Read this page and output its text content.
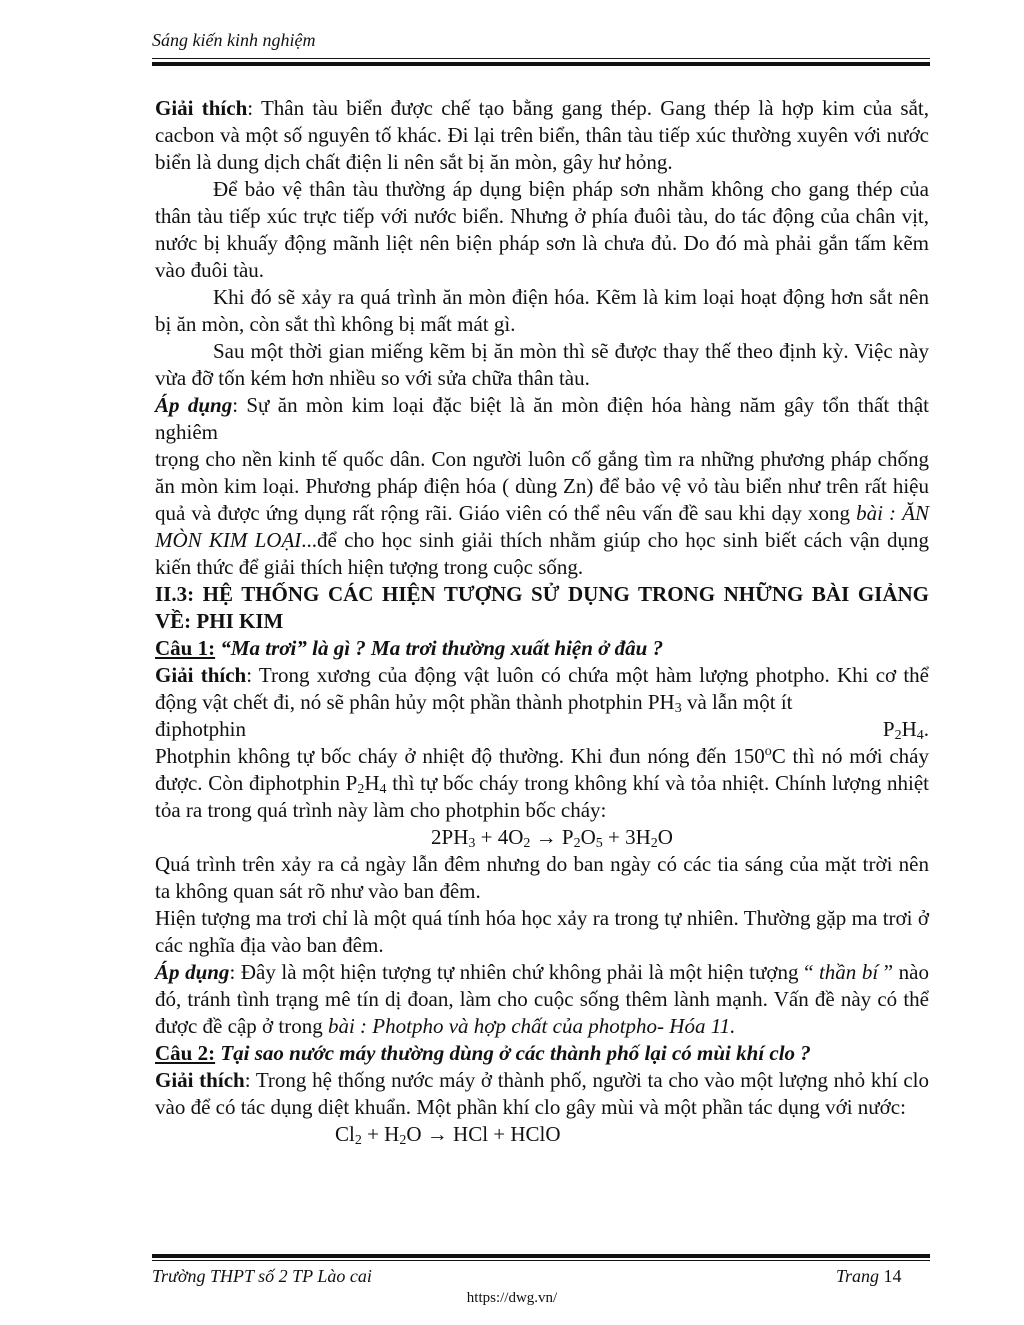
Sáng kiến kinh nghiệm

Giải thích: Thân tàu biển được chế tạo bằng gang thép. Gang thép là hợp kim của sắt, cacbon và một số nguyên tố khác. Đi lại trên biển, thân tàu tiếp xúc thường xuyên với nước biển là dung dịch chất điện li nên sắt bị ăn mòn, gây hư hỏng.

Để bảo vệ thân tàu thường áp dụng biện pháp sơn nhằm không cho gang thép của thân tàu tiếp xúc trực tiếp với nước biển. Nhưng ở phía đuôi tàu, do tác động của chân vịt, nước bị khuấy động mãnh liệt nên biện pháp sơn là chưa đủ. Do đó mà phải gắn tấm kẽm vào đuôi tàu.

Khi đó sẽ xảy ra quá trình ăn mòn điện hóa. Kẽm là kim loại hoạt động hơn sắt nên bị ăn mòn, còn sắt thì không bị mất mát gì.

Sau một thời gian miếng kẽm bị ăn mòn thì sẽ được thay thế theo định kỳ. Việc này vừa đỡ tốn kém hơn nhiều so với sửa chữa thân tàu.

Áp dụng: Sự ăn mòn kim loại đặc biệt là ăn mòn điện hóa hàng năm gây tổn thất thật nghiêm

trọng cho nền kinh tế quốc dân. Con người luôn cố gắng tìm ra những phương pháp chống ăn mòn kim loại. Phương pháp điện hóa ( dùng Zn) để bảo vệ vỏ tàu biển như trên rất hiệu quả và được ứng dụng rất rộng rãi. Giáo viên có thể nêu vấn đề sau khi dạy xong bài : ĂN MÒN KIM LOẠI...để cho học sinh giải thích nhằm giúp cho học sinh biết cách vận dụng kiến thức để giải thích hiện tượng trong cuộc sống.

II.3: HỆ THỐNG CÁC HIỆN TƯỢNG SỬ DỤNG TRONG NHỮNG BÀI GIẢNG VỀ: PHI KIM

Câu 1: “Ma trơi” là gì ? Ma trơi thường xuất hiện ở đâu ?

Giải thích: Trong xương của động vật luôn có chứa một hàm lượng photpho. Khi cơ thể động vật chết đi, nó sẽ phân hủy một phần thành photphin $PH_3$ và lẫn một ít

điphotphin	$P_2H_4$.

Photphin không tự bốc cháy ở nhiệt độ thường. Khi đun nóng đến 150$^o$C thì nó mới cháy được. Còn điphotphin $P_2H_4$ thì tự bốc cháy trong không khí và tỏa nhiệt. Chính lượng nhiệt tỏa ra trong quá trình này làm cho photphin bốc cháy:

$2PH_3 + 4O_2 \to P_2O_5 + 3H_2O$

Quá trình trên xảy ra cả ngày lẫn đêm nhưng do ban ngày có các tia sáng của mặt trời nên ta không quan sát rõ như vào ban đêm.

Hiện tượng ma trơi chỉ là một quá tính hóa học xảy ra trong tự nhiên. Thường gặp ma trơi ở các nghĩa địa vào ban đêm.

Áp dụng: Đây là một hiện tượng tự nhiên chứ không phải là một hiện tượng “ thần bí ” nào đó, tránh tình trạng mê tín dị đoan, làm cho cuộc sống thêm lành mạnh. Vấn đề này có thể được đề cập ở trong bài : Photpho và hợp chất của photpho- Hóa 11.

Câu 2: Tại sao nước máy thường dùng ở các thành phố lại có mùi khí clo ?

Giải thích: Trong hệ thống nước máy ở thành phố, người ta cho vào một lượng nhỏ khí clo vào để có tác dụng diệt khuẩn. Một phần khí clo gây mùi và một phần tác dụng với nước:

$Cl_2 + H_2O$ → HCl + HClO
Trường THPT số 2 TP Lào cai	Trang 14
https://dwg.vn/
